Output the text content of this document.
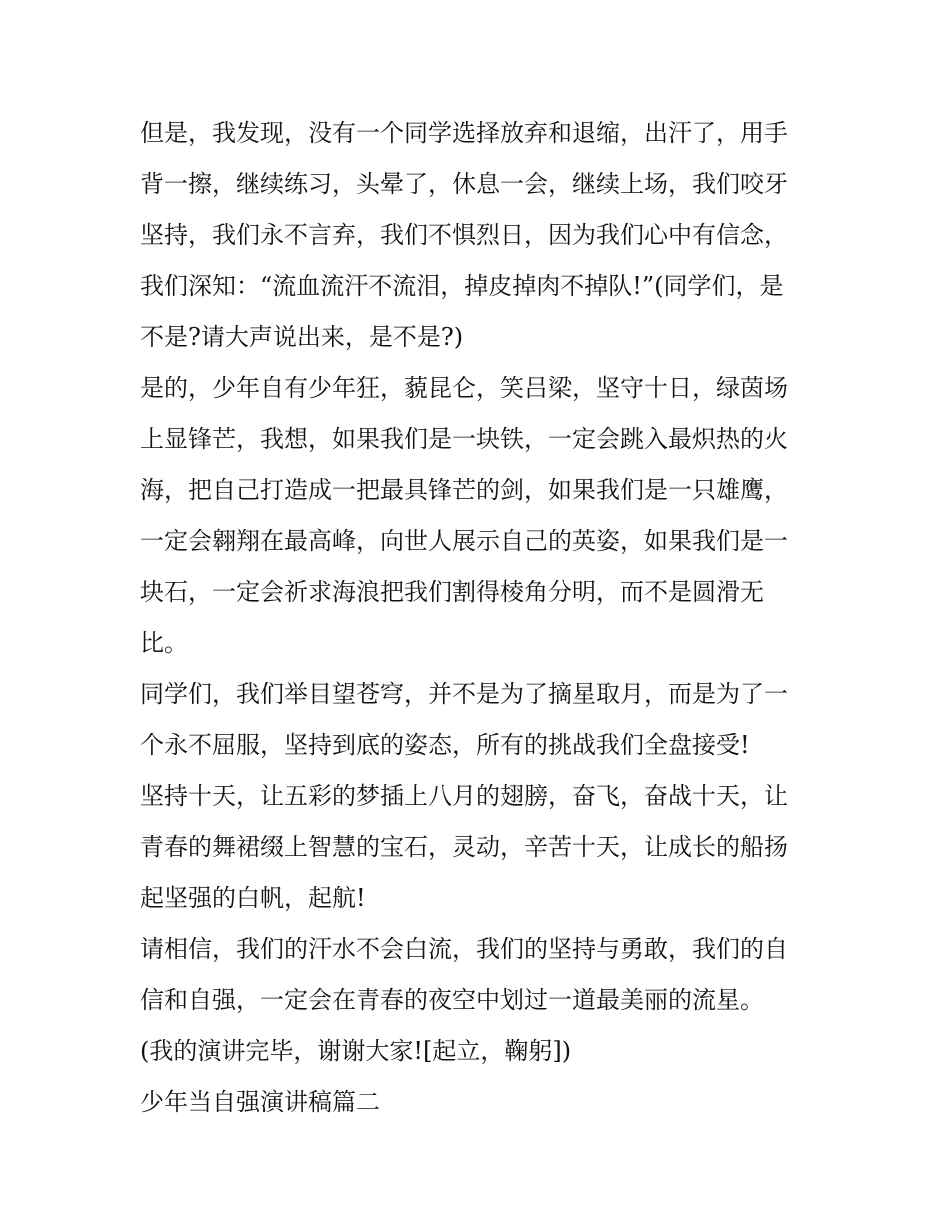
但是，我发现，没有一个同学选择放弃和退缩，出汗了，用手
背一擦，继续练习，头晕了，休息一会，继续上场，我们咬牙
坚持，我们永不言弃，我们不惧烈日，因为我们心中有信念，
我们深知：“流血流汗不流泪，掉皮掉肉不掉队!”(同学们，是
不是?请大声说出来，是不是?)

是的，少年自有少年狂，藐昆仑，笑吕梁，坚守十日，绿茵场
上显锋芒，我想，如果我们是一块铁，一定会跳入最炽热的火
海，把自己打造成一把最具锋芒的剑，如果我们是一只雄鹰，
一定会翱翔在最高峰，向世人展示自己的英姿，如果我们是一
块石，一定会祈求海浪把我们割得棱角分明，而不是圆滑无
比。

同学们，我们举目望苍穹，并不是为了摘星取月，而是为了一
个永不屈服，坚持到底的姿态，所有的挑战我们全盘接受!

坚持十天，让五彩的梦插上八月的翅膀，奋飞，奋战十天，让
青春的舞裙缀上智慧的宝石，灵动，辛苦十天，让成长的船扬
起坚强的白帆，起航!

请相信，我们的汗水不会白流，我们的坚持与勇敢，我们的自
信和自强，一定会在青春的夜空中划过一道最美丽的流星。

(我的演讲完毕，谢谢大家![起立，鞠躬])

少年当自强演讲稿篇二
